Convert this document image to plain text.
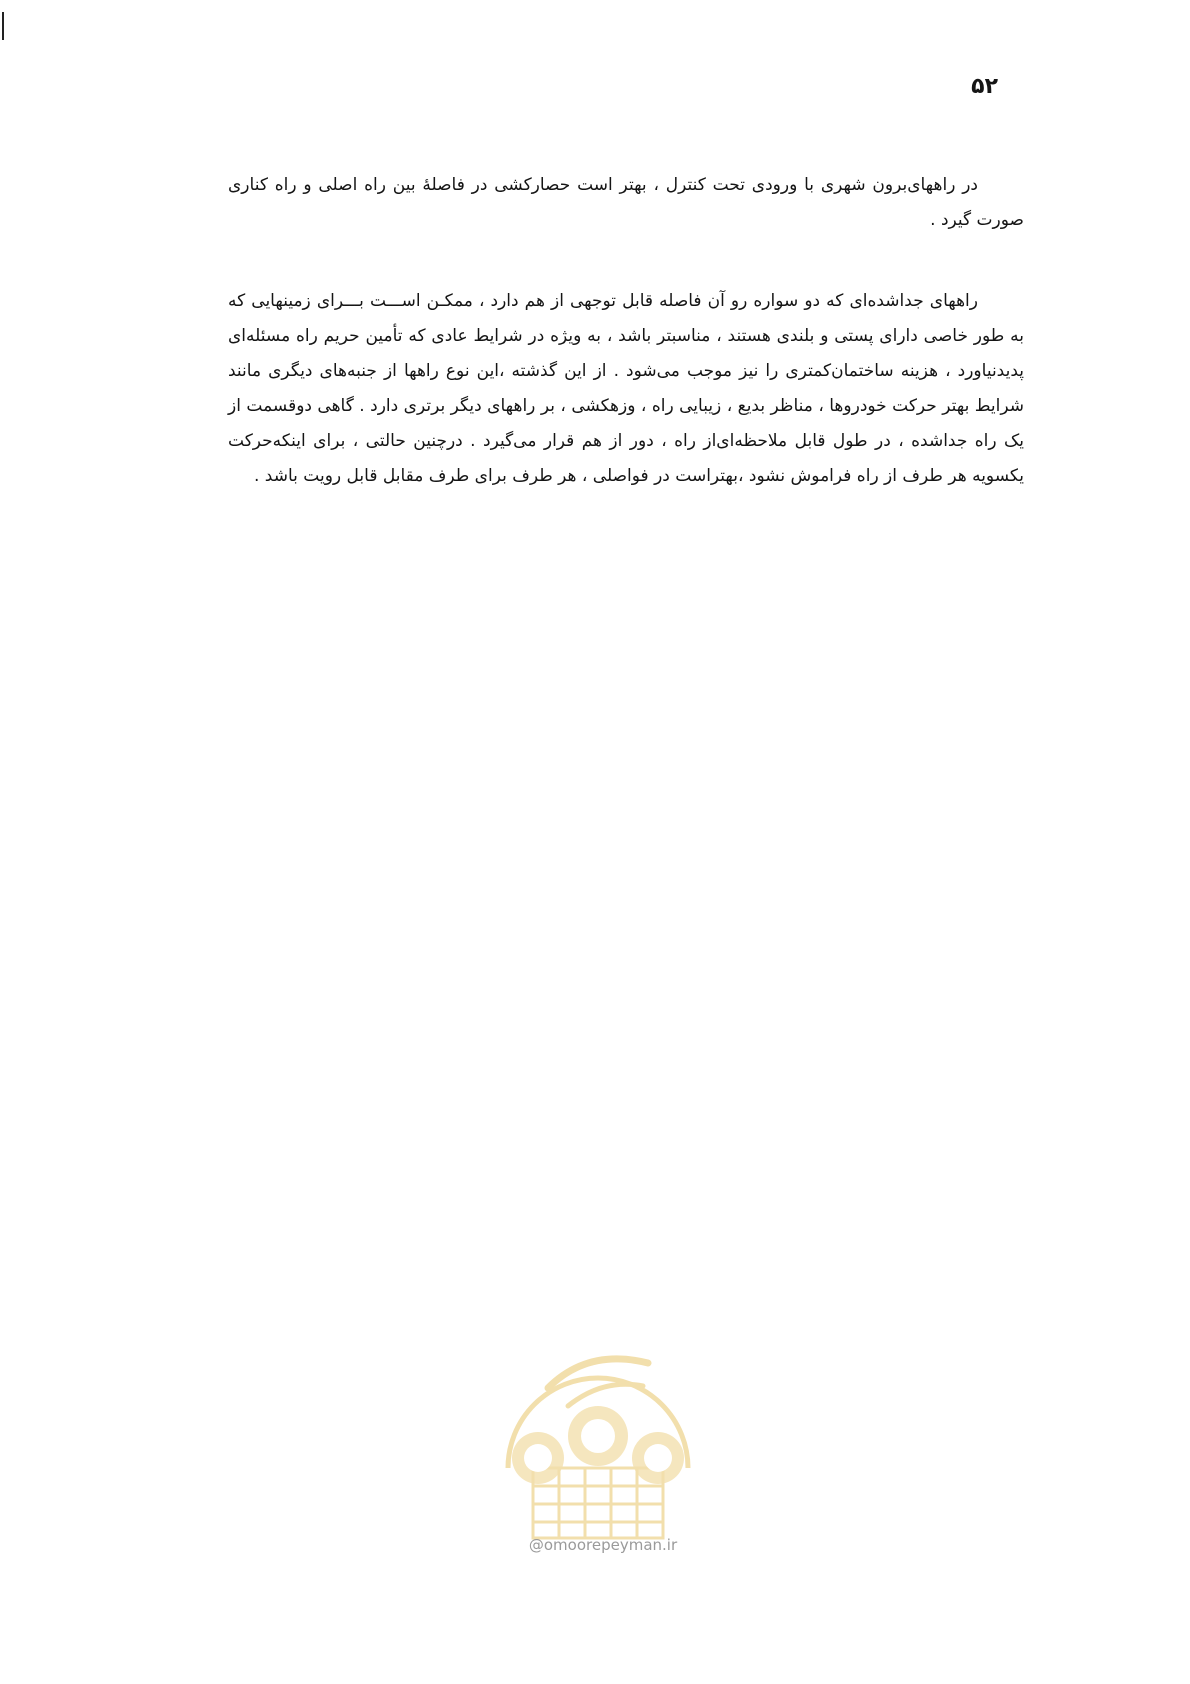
۵۲

در راههای‌برون شهری با ورودی تحت کنترل ، بهتر است حصارکشی در فاصلهٔ بین راه اصلی و راه کناری صورت گیرد .

راههای جداشده‌ای که دو سواره رو آن فاصله قابل توجهی از هم دارد ، ممکـن اســـت بـــرای زمینهایی که به طور خاصی دارای پستی و بلندی هستند ، مناسبتر باشد ، به ویژه در شرایط عادی که تأمین حریم راه مسئله‌ای پدیدنیاورد ، هزینه ساختمان‌کمتری را نیز موجب می‌شود . از این گذشته ،این نوع راهها از جنبه‌های دیگری مانند شرایط بهتر حرکت خودروها ، مناظر بدیع ، زیبایی راه ، وزهکشی ، بر راههای دیگر برتری دارد . گاهی دوقسمت از یک راه جداشده ، در طول قابل ملاحظه‌ای‌از راه ، دور از هم قرار می‌گیرد . درچنین حالتی ، برای اینکه‌حرکت یکسویه هر طرف از راه فراموش نشود ،بهتراست در فواصلی ، هر طرف برای طرف مقابل قابل رویت باشد .

@omoorepeyman.ir
